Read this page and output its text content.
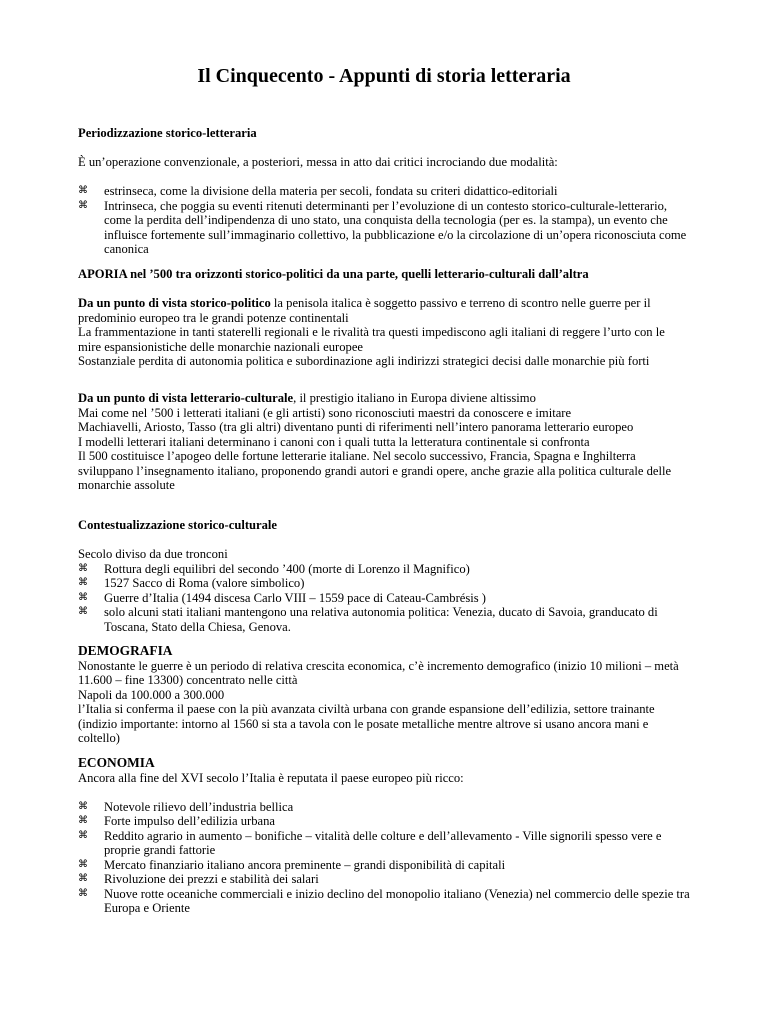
Il Cinquecento - Appunti di storia letteraria
Periodizzazione storico-letteraria
È un’operazione convenzionale, a posteriori, messa in atto dai critici incrociando due modalità:
⌘ estrinseca, come la divisione della materia per secoli, fondata su criteri didattico-editoriali
⌘ Intrinseca, che poggia su eventi ritenuti determinanti per l’evoluzione di un contesto storico-culturale-letterario, come la perdita dell’indipendenza di uno stato, una conquista della tecnologia (per es. la stampa), un evento che influisce fortemente sull’immaginario collettivo, la pubblicazione e/o la circolazione di un’opera riconosciuta come canonica
APORIA nel ’500 tra orizzonti storico-politici da una parte, quelli letterario-culturali dall’altra
Da un punto di vista storico-politico la penisola italica è soggetto passivo e terreno di scontro nelle guerre per il predominio europeo tra le grandi potenze continentali
La frammentazione in tanti staterelli regionali e le rivalità tra questi impediscono agli italiani di reggere l’urto con le mire espansionistiche delle monarchie nazionali europee
Sostanziale perdita di autonomia politica e subordinazione agli indirizzi strategici decisi dalle monarchie più forti
Da un punto di vista letterario-culturale, il prestigio italiano in Europa diviene altissimo
Mai come nel ’500 i letterati italiani (e gli artisti) sono riconosciuti maestri da conoscere e imitare
Machiavelli, Ariosto, Tasso (tra gli altri) diventano punti di riferimenti nell’intero panorama letterario europeo
I modelli letterari italiani determinano i canoni con i quali tutta la letteratura continentale si confronta
Il 500 costituisce l’apogeo delle fortune letterarie italiane. Nel secolo successivo, Francia, Spagna e Inghilterra sviluppano l’insegnamento italiano, proponendo grandi autori e grandi opere, anche grazie alla politica culturale delle monarchie assolute
Contestualizzazione storico-culturale
Secolo diviso da due tronconi
⌘ Rottura degli equilibri del secondo ’400 (morte di Lorenzo il Magnifico)
⌘ 1527 Sacco di Roma (valore simbolico)
⌘ Guerre d’Italia (1494 discesa Carlo VIII – 1559 pace di Cateau-Cambrésis )
⌘ solo alcuni stati italiani mantengono una relativa autonomia politica: Venezia, ducato di Savoia, granducato di Toscana, Stato della Chiesa, Genova.
DEMOGRAFIA
Nonostante le guerre è un periodo di relativa crescita economica, c’è incremento demografico (inizio 10 milioni – metà 11.600 – fine 13300) concentrato nelle città
Napoli da 100.000 a 300.000
l’Italia si conferma il paese con la più avanzata civiltà urbana con grande espansione dell’edilizia, settore trainante (indizio importante: intorno al 1560 si sta a tavola con le posate metalliche mentre altrove si usano ancora mani e coltello)
ECONOMIA
Ancora alla fine del XVI secolo l’Italia è reputata il paese europeo più ricco:
⌘ Notevole rilievo dell’industria bellica
⌘ Forte impulso dell’edilizia urbana
⌘ Reddito agrario in aumento – bonifiche – vitalità delle colture e dell’allevamento - Ville signorili spesso vere e proprie grandi fattorie
⌘ Mercato finanziario italiano ancora preminente – grandi disponibilità di capitali
⌘ Rivoluzione dei prezzi e stabilità dei salari
⌘ Nuove rotte oceaniche commerciali e inizio declino del monopolio italiano (Venezia) nel commercio delle spezie tra Europa e Oriente
